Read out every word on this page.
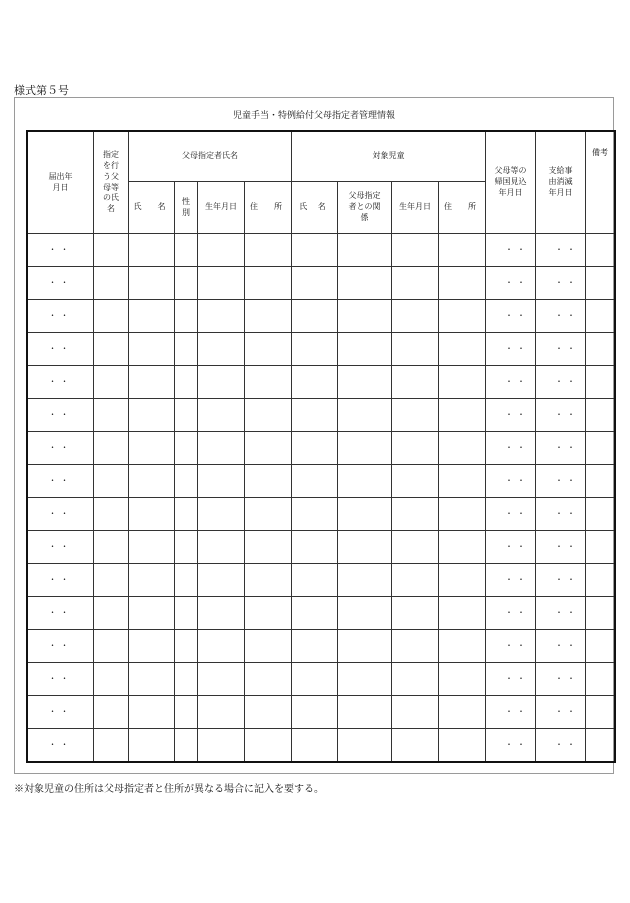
様式第５号
児童手当・特例給付父母指定者管理情報
届出年月日	指定を行う父母等の氏名	父母指定者氏名				対象児童				父母等の帰国見込年月日	支給事由消滅年月日	備考
		氏　名	性別	生年月日	住　所	氏 名	父母指定者との関係	生年月日	住　所			
・・										・・	・・	
・・										・・	・・	
・・										・・	・・	
・・										・・	・・	
・・										・・	・・	
・・										・・	・・	
・・										・・	・・	
・・										・・	・・	
・・										・・	・・	
・・										・・	・・	
・・										・・	・・	
・・										・・	・・	
・・										・・	・・	
・・										・・	・・	
・・										・・	・・	
・・										・・	・・	
※対象児童の住所は父母指定者と住所が異なる場合に記入を要する。
